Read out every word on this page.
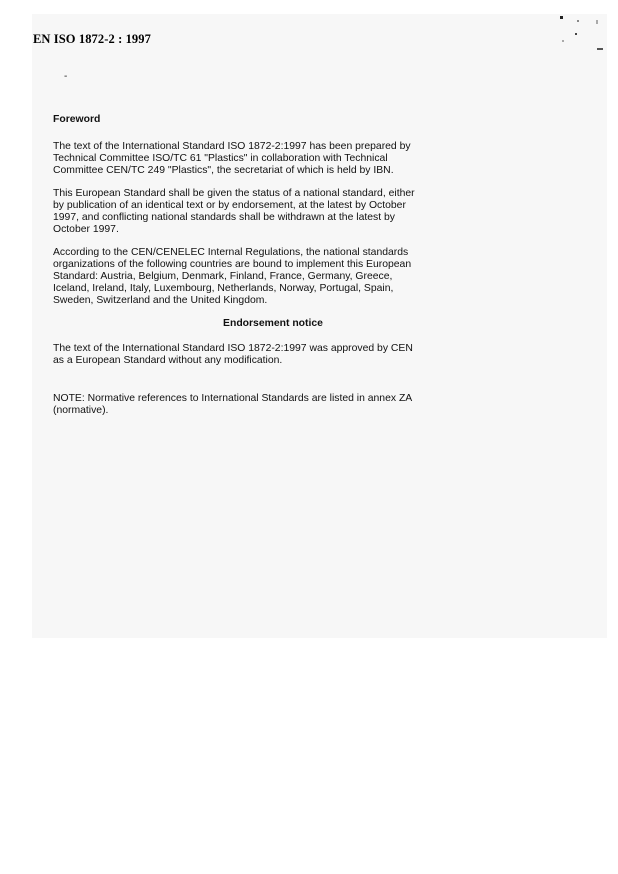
EN ISO 1872-2 : 1997
-
Foreword

The text of the International Standard ISO 1872-2:1997 has been prepared by
Technical Committee ISO/TC 61 "Plastics" in collaboration with Technical
Committee CEN/TC 249 "Plastics", the secretariat of which is held by IBN.

This European Standard shall be given the status of a national standard, either
by publication of an identical text or by endorsement, at the latest by October
1997, and conflicting national standards shall be withdrawn at the latest by
October 1997.

According to the CEN/CENELEC Internal Regulations, the national standards
organizations of the following countries are bound to implement this European
Standard: Austria, Belgium, Denmark, Finland, France, Germany, Greece,
Iceland, Ireland, Italy, Luxembourg, Netherlands, Norway, Portugal, Spain,
Sweden, Switzerland and the United Kingdom.

Endorsement notice

The text of the International Standard ISO 1872-2:1997 was approved by CEN
as a European Standard without any modification.

NOTE: Normative references to International Standards are listed in annex ZA
(normative).
